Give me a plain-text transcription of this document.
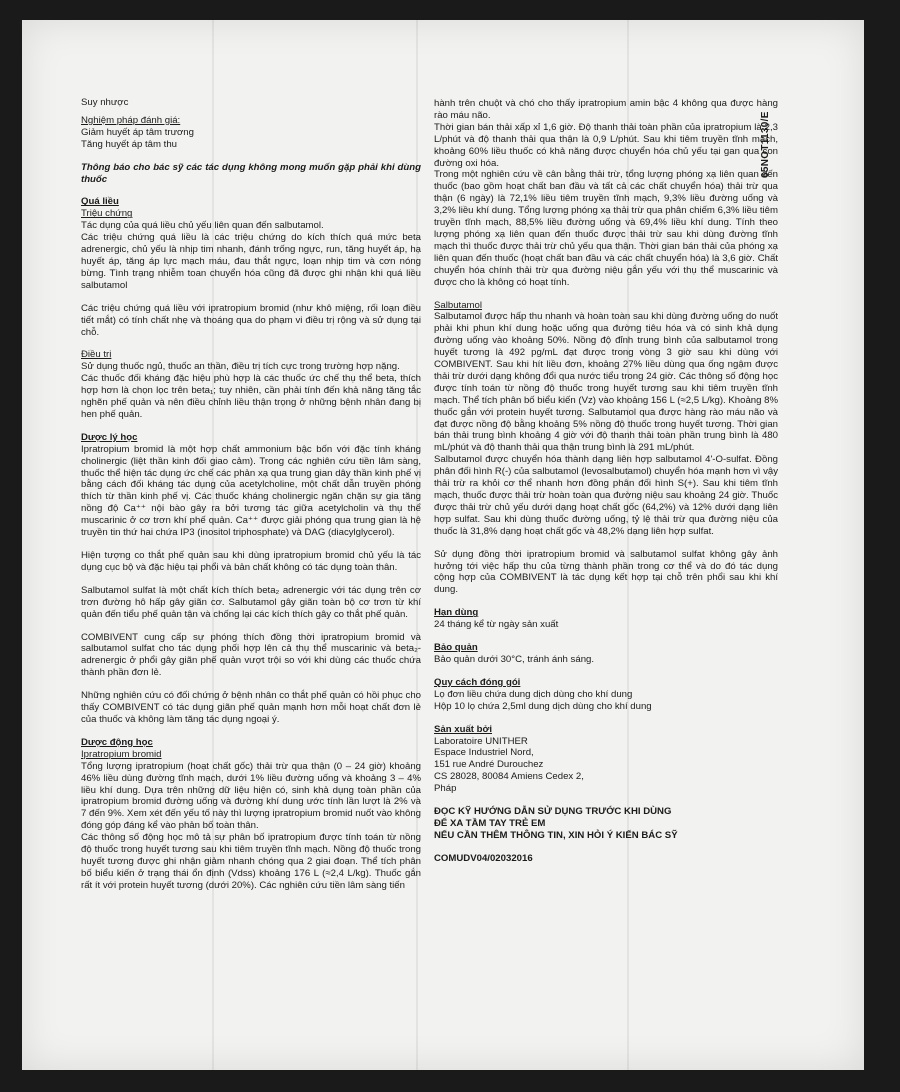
65NOT1130/E

Suy nhược

Nghiệm pháp đánh giá:

Giảm huyết áp tâm trương

Tăng huyết áp tâm thu

Thông báo cho bác sỹ các tác dụng không mong muốn gặp phải khi dùng thuốc

Quá liều

Triệu chứng

Tác dụng của quá liều chủ yếu liên quan đến salbutamol.

Các triệu chứng quá liều là các triệu chứng do kích thích quá mức beta adrenergic, chủ yếu là nhịp tim nhanh, đánh trống ngực, run, tăng huyết áp, hạ huyết áp, tăng áp lực mạch máu, đau thắt ngực, loạn nhịp tim và cơn nóng bừng. Tình trạng nhiễm toan chuyển hóa cũng đã được ghi nhận khi quá liều salbutamol

Các triệu chứng quá liều với ipratropium bromid (như khô miệng, rối loạn điều tiết mắt) có tính chất nhẹ và thoáng qua do phạm vi điều trị rộng và sử dụng tại chỗ.

Điều trị

Sử dụng thuốc ngủ, thuốc an thần, điều trị tích cực trong trường hợp nặng.

Các thuốc đối kháng đặc hiệu phù hợp là các thuốc ức chế thụ thể beta, thích hợp hơn là chọn lọc trên beta₁; tuy nhiên, cần phải tính đến khả năng tăng tắc nghẽn phế quản và nên điều chỉnh liều thận trọng ở những bệnh nhân đang bị hen phế quản.

Dược lý học

Ipratropium bromid là một hợp chất ammonium bậc bốn với đặc tính kháng cholinergic (liệt thần kinh đối giao cảm). Trong các nghiên cứu tiền lâm sàng, thuốc thể hiện tác dụng ức chế các phản xạ qua trung gian dây thần kinh phế vị bằng cách đối kháng tác dụng của acetylcholine, một chất dẫn truyền phóng thích từ thần kinh phế vị. Các thuốc kháng cholinergic ngăn chặn sự gia tăng nồng độ Ca⁺⁺ nội bào gây ra bởi tương tác giữa acetylcholin và thụ thể muscarinic ở cơ trơn khí phế quản. Ca⁺⁺ được giải phóng qua trung gian là hệ truyền tin thứ hai chứa IP3 (inositol triphosphate) và DAG (diacylglycerol).

Hiện tượng co thắt phế quản sau khi dùng ipratropium bromid chủ yếu là tác dụng cục bộ và đặc hiệu tại phổi và bản chất không có tác dụng toàn thân.

Salbutamol sulfat là một chất kích thích beta₂ adrenergic với tác dụng trên cơ trơn đường hô hấp gây giãn cơ. Salbutamol gây giãn toàn bộ cơ trơn từ khí quản đến tiểu phế quản tận và chống lại các kích thích gây co thắt phế quản.

COMBIVENT cung cấp sự phóng thích đồng thời ipratropium bromid và salbutamol sulfat cho tác dụng phối hợp lên cả thụ thể muscarinic và beta₂-adrenergic ở phổi gây giãn phế quản vượt trội so với khi dùng các thuốc chứa thành phần đơn lẻ.

Những nghiên cứu có đối chứng ở bệnh nhân co thắt phế quản có hồi phục cho thấy COMBIVENT có tác dụng giãn phế quản mạnh hơn mỗi hoạt chất đơn lẻ của thuốc và không làm tăng tác dụng ngoại ý.

Dược động học

Ipratropium bromid

Tổng lượng ipratropium (hoạt chất gốc) thải trừ qua thận (0 – 24 giờ) khoảng 46% liều dùng đường tĩnh mạch, dưới 1% liều đường uống và khoảng 3 – 4% liều khí dung. Dựa trên những dữ liệu hiện có, sinh khả dụng toàn phần của ipratropium bromid đường uống và đường khí dung ước tính lần lượt là 2% và 7 đến 9%. Xem xét đến yếu tố này thì lượng ipratropium bromid nuốt vào không đóng góp đáng kể vào phản bố toàn thân.

Các thông số động học mô tả sự phân bố ipratropium được tính toán từ nồng độ thuốc trong huyết tương sau khi tiêm truyền tĩnh mạch. Nồng độ thuốc trong huyết tương được ghi nhận giảm nhanh chóng qua 2 giai đoạn. Thể tích phân bố biểu kiến ở trạng thái ổn định (Vdss) khoảng 176 L (≈2,4 L/kg). Thuốc gắn rất ít với protein huyết tương (dưới 20%). Các nghiên cứu tiền lâm sàng tiến

hành trên chuột và chó cho thấy ipratropium amin bậc 4 không qua được hàng rào máu não.

Thời gian bán thải xấp xỉ 1,6 giờ. Độ thanh thải toàn phần của ipratropium là 2,3 L/phút và độ thanh thải qua thận là 0,9 L/phút. Sau khi tiêm truyền tĩnh mạch, khoảng 60% liều thuốc có khả năng được chuyển hóa chủ yếu tại gan qua con đường oxi hóa.

Trong một nghiên cứu về cân bằng thải trừ, tổng lượng phóng xạ liên quan đến thuốc (bao gồm hoạt chất ban đầu và tất cả các chất chuyển hóa) thải trừ qua thận (6 ngày) là 72,1% liều tiêm truyền tĩnh mạch, 9,3% liều đường uống và 3,2% liều khí dung. Tổng lượng phóng xạ thải trừ qua phân chiếm 6,3% liều tiêm truyền tĩnh mạch, 88,5% liều đường uống và 69,4% liều khí dung. Tính theo lượng phóng xạ liên quan đến thuốc được thải trừ sau khi dùng đường tĩnh mạch thì thuốc được thải trừ chủ yếu qua thận. Thời gian bán thải của phóng xạ liên quan đến thuốc (hoạt chất ban đầu và các chất chuyển hóa) là 3,6 giờ. Chất chuyển hóa chính thải trừ qua đường niệu gắn yếu với thụ thể muscarinic và được cho là không có hoạt tính.

Salbutamol

Salbutamol được hấp thu nhanh và hoàn toàn sau khi dùng đường uống do nuốt phải khi phun khí dung hoặc uống qua đường tiêu hóa và có sinh khả dụng đường uống vào khoảng 50%. Nồng độ đỉnh trung bình của salbutamol trong huyết tương là 492 pg/mL đạt được trong vòng 3 giờ sau khi dùng với COMBIVENT. Sau khi hít liều đơn, khoảng 27% liều dùng qua ống ngậm được thải trừ dưới dạng không đổi qua nước tiểu trong 24 giờ. Các thông số động học được tính toán từ nồng độ thuốc trong huyết tương sau khi tiêm truyền tĩnh mạch. Thể tích phân bố biểu kiến (Vz) vào khoảng 156 L (≈2,5 L/kg). Khoảng 8% thuốc gắn với protein huyết tương. Salbutamol qua được hàng rào máu não và đạt được nồng độ bằng khoảng 5% nồng độ thuốc trong huyết tương. Thời gian bán thải trung bình khoảng 4 giờ với độ thanh thải toàn phần trung bình là 480 mL/phút và độ thanh thải qua thận trung bình là 291 mL/phút.

Salbutamol được chuyển hóa thành dạng liên hợp salbutamol 4'-O-sulfat. Đồng phân đối hình R(-) của salbutamol (levosalbutamol) chuyển hóa mạnh hơn vì vậy thải trừ ra khỏi cơ thể nhanh hơn đồng phân đối hình S(+). Sau khi tiêm tĩnh mạch, thuốc được thải trừ hoàn toàn qua đường niệu sau khoảng 24 giờ. Thuốc được thải trừ chủ yếu dưới dạng hoạt chất gốc (64,2%) và 12% dưới dạng liên hợp sulfat. Sau khi dùng thuốc đường uống, tỷ lệ thải trừ qua đường niệu của thuốc là 31,8% dạng hoạt chất gốc và 48,2% dạng liên hợp sulfat.

Sử dụng đồng thời ipratropium bromid và salbutamol sulfat không gây ảnh hưởng tới việc hấp thu của từng thành phần trong cơ thể và do đó tác dụng cộng hợp của COMBIVENT là tác dụng kết hợp tại chỗ trên phổi sau khi khí dung.

Hạn dùng

24 tháng kể từ ngày sản xuất

Bảo quản

Bảo quản dưới 30°C, tránh ánh sáng.

Quy cách đóng gói

Lọ đơn liều chứa dung dịch dùng cho khí dung

Hộp 10 lọ chứa 2,5ml dung dịch dùng cho khí dung

Sản xuất bởi

Laboratoire UNITHER

Espace Industriel Nord,

151 rue André Durouchez

CS 28028, 80084 Amiens Cedex 2,

Pháp

ĐỌC KỸ HƯỚNG DẪN SỬ DỤNG TRƯỚC KHI DÙNG

ĐỂ XA TẦM TAY TRẺ EM

NẾU CẦN THÊM THÔNG TIN, XIN HỎI Ý KIẾN BÁC SỸ

COMUDV04/02032016
